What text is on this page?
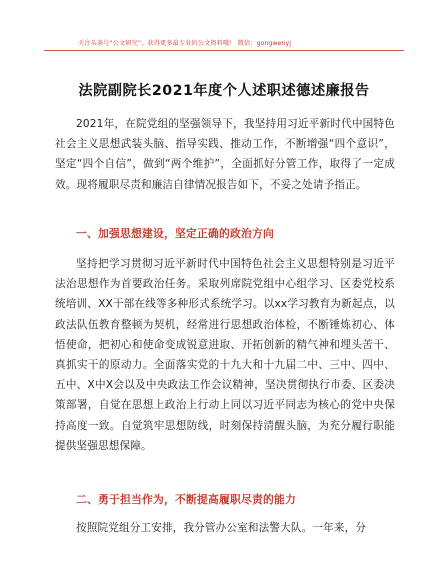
关注头条号“公文研究”，获得更多最专业的公文资料哦！ 微信：gongwenyj
法院副院长2021年度个人述职述德述廉报告

2021年，在院党组的坚强领导下，我坚持用习近平新时代中国特色社会主义思想武装头脑、指导实践、推动工作，不断增强“四个意识”，坚定“四个自信”，做到“两个维护”，全面抓好分管工作，取得了一定成效。现将履职尽责和廉洁自律情况报告如下，不妥之处请予指正。

一、加强思想建设，坚定正确的政治方向

坚持把学习贯彻习近平新时代中国特色社会主义思想特别是习近平法治思想作为首要政治任务。采取列席院党组中心组学习、区委党校系统培训、XX干部在线等多种形式系统学习。以xx学习教育为新起点，以政法队伍教育整顿为契机，经常进行思想政治体检，不断锤炼初心、体悟使命，把初心和使命变成锐意进取、开拓创新的精气神和埋头苦干、真抓实干的原动力。全面落实党的十九大和十九届二中、三中、四中、五中、X中X会以及中央政法工作会议精神，坚决贯彻执行市委、区委决策部署，自觉在思想上政治上行动上同以习近平同志为核心的党中央保持高度一致。自觉筑牢思想防线，时刻保持清醒头脑，为充分履行职能提供坚强思想保障。

二、勇于担当作为，不断提高履职尽责的能力

按照院党组分工安排，我分管办公室和法警大队。一年来，分
